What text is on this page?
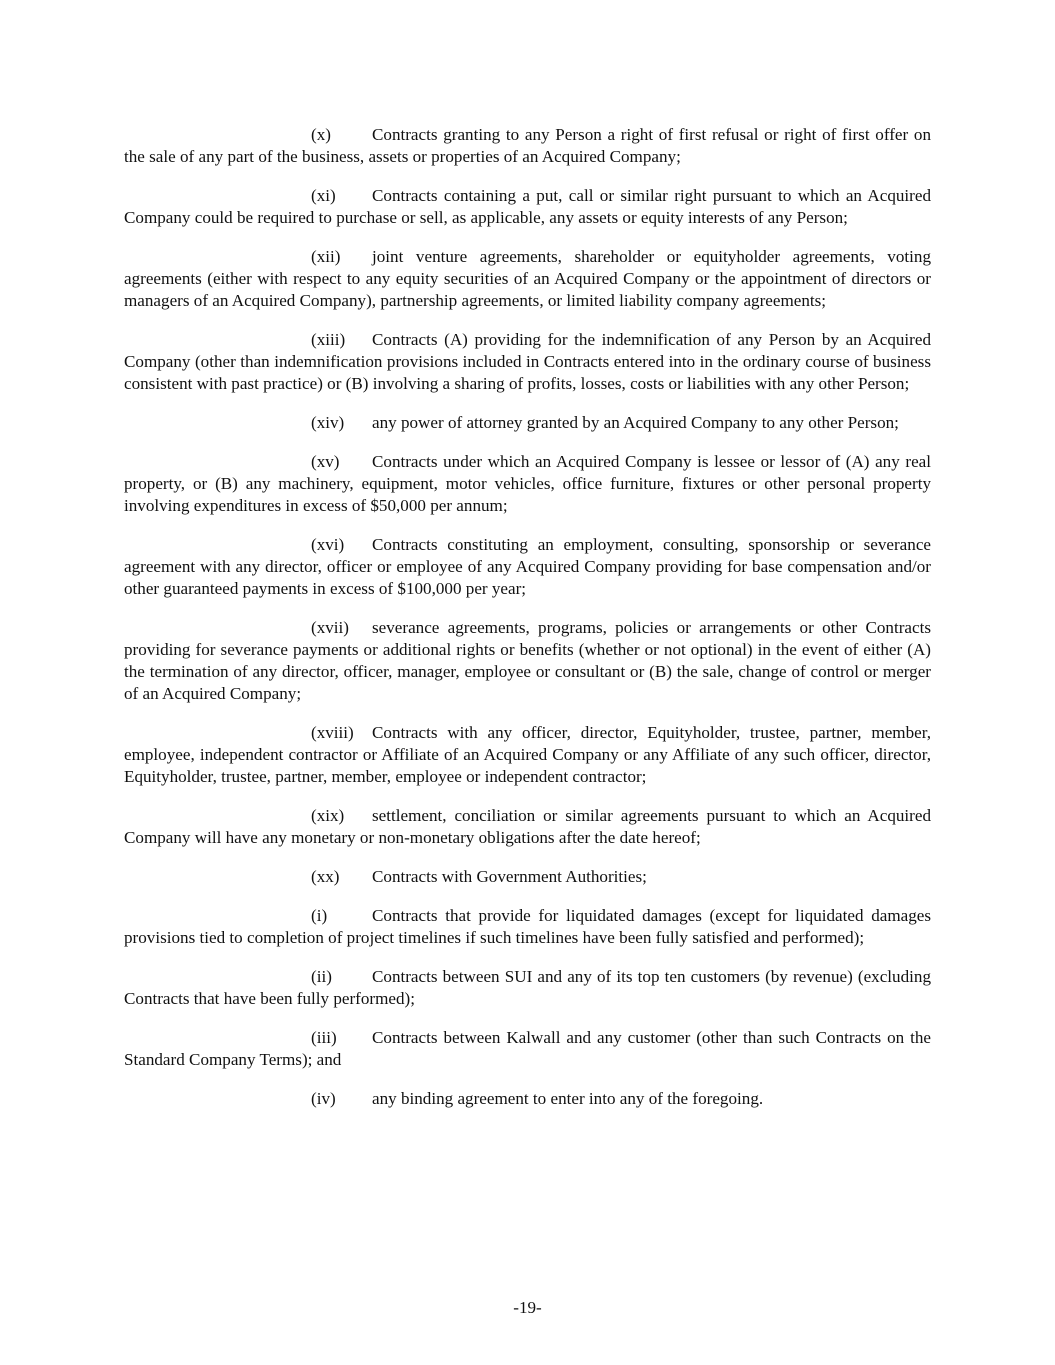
(x) Contracts granting to any Person a right of first refusal or right of first offer on the sale of any part of the business, assets or properties of an Acquired Company;

(xi) Contracts containing a put, call or similar right pursuant to which an Acquired Company could be required to purchase or sell, as applicable, any assets or equity interests of any Person;

(xii) joint venture agreements, shareholder or equityholder agreements, voting agreements (either with respect to any equity securities of an Acquired Company or the appointment of directors or managers of an Acquired Company), partnership agreements, or limited liability company agreements;

(xiii) Contracts (A) providing for the indemnification of any Person by an Acquired Company (other than indemnification provisions included in Contracts entered into in the ordinary course of business consistent with past practice) or (B) involving a sharing of profits, losses, costs or liabilities with any other Person;

(xiv) any power of attorney granted by an Acquired Company to any other Person;

(xv) Contracts under which an Acquired Company is lessee or lessor of (A) any real property, or (B) any machinery, equipment, motor vehicles, office furniture, fixtures or other personal property involving expenditures in excess of $50,000 per annum;

(xvi) Contracts constituting an employment, consulting, sponsorship or severance agreement with any director, officer or employee of any Acquired Company providing for base compensation and/or other guaranteed payments in excess of $100,000 per year;

(xvii) severance agreements, programs, policies or arrangements or other Contracts providing for severance payments or additional rights or benefits (whether or not optional) in the event of either (A) the termination of any director, officer, manager, employee or consultant or (B) the sale, change of control or merger of an Acquired Company;

(xviii) Contracts with any officer, director, Equityholder, trustee, partner, member, employee, independent contractor or Affiliate of an Acquired Company or any Affiliate of any such officer, director, Equityholder, trustee, partner, member, employee or independent contractor;

(xix) settlement, conciliation or similar agreements pursuant to which an Acquired Company will have any monetary or non-monetary obligations after the date hereof;

(xx) Contracts with Government Authorities;

(i)	Contracts that provide for liquidated damages (except for liquidated damages provisions tied to completion of project timelines if such timelines have been fully satisfied and performed);

(ii) Contracts between SUI and any of its top ten customers (by revenue) (excluding Contracts that have been fully performed);

(iii) Contracts between Kalwall and any customer (other than such Contracts on the Standard Company Terms); and

(iv) any binding agreement to enter into any of the foregoing.

-19-
